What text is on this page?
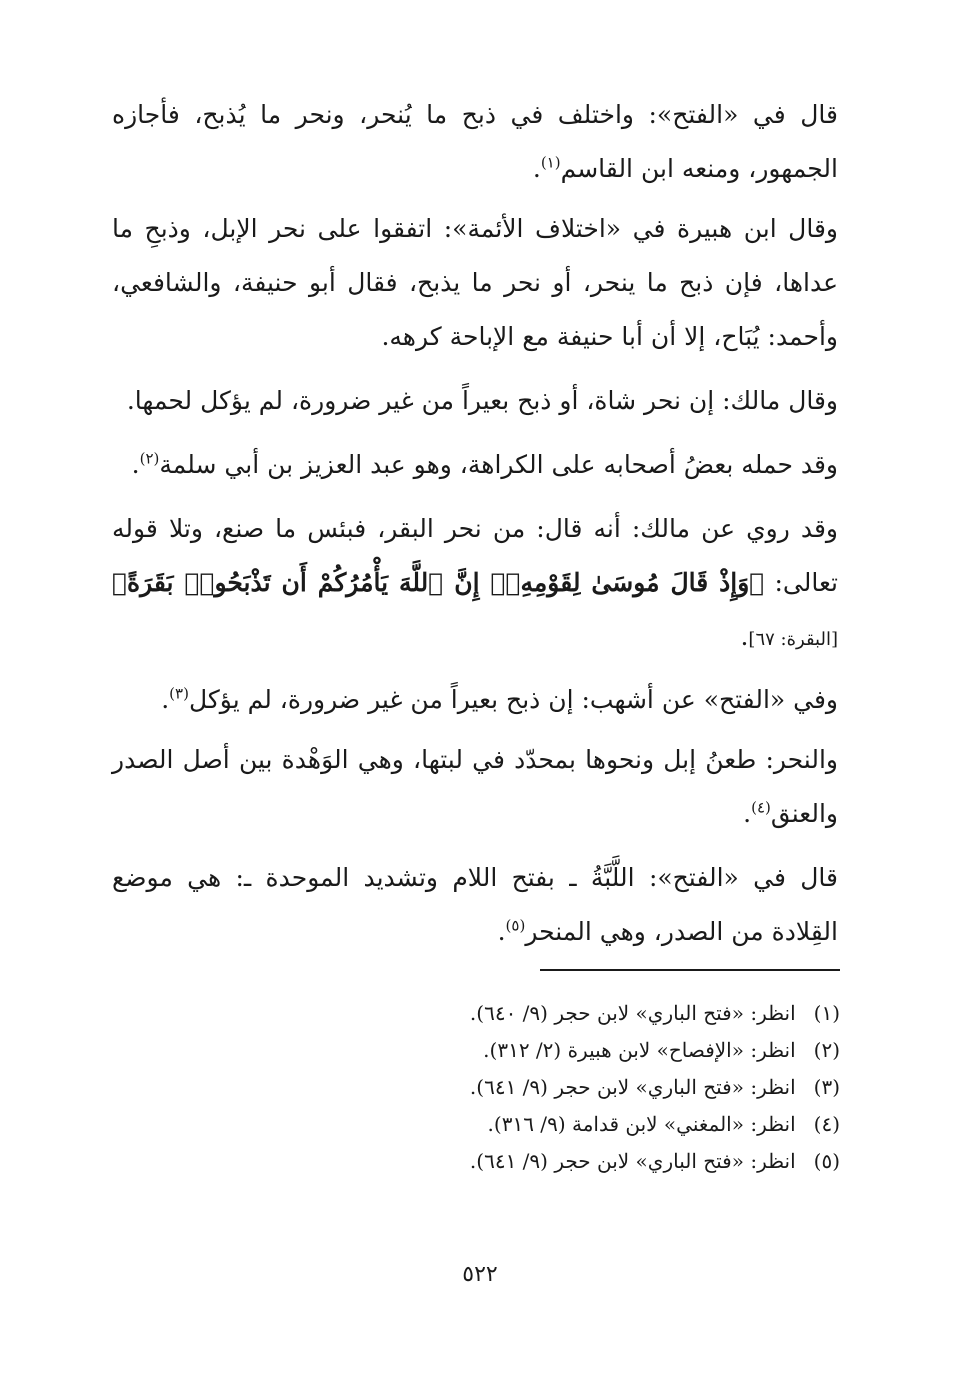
قال في «الفتح»: واختلف في ذبح ما يُنحر، ونحر ما يُذبح، فأجازه الجمهور، ومنعه ابن القاسم$^{(١)}$.

وقال ابن هبيرة في «اختلاف الأئمة»: اتفقوا على نحر الإبل، وذبحِ ما عداها، فإن ذبح ما ينحر، أو نحر ما يذبح، فقال أبو حنيفة، والشافعي، وأحمد: يُبَاح، إلا أن أبا حنيفة مع الإباحة كرهه.

وقال مالك: إن نحر شاة، أو ذبح بعيراً من غير ضرورة، لم يؤكل لحمها.

وقد حمله بعضُ أصحابه على الكراهة، وهو عبد العزيز بن أبي سلمة$^{(٢)}$.

وقد روي عن مالك: أنه قال: من نحر البقر، فبئس ما صنع، وتلا قوله تعالى: ﴿وَإِذْ قَالَ مُوسَىٰ لِقَوْمِهِۦٓ إِنَّ ٱللَّهَ يَأْمُرُكُمْ أَن تَذْبَحُوا۟ بَقَرَةً﴾[البقرة: ٦٧].

وفي «الفتح» عن أشهب: إن ذبح بعيراً من غير ضرورة، لم يؤكل$^{(٣)}$.

والنحر: طعنُ إبل ونحوها بمحدّد في لبتها، وهي الوَهْدة بين أصل الصدر والعنق$^{(٤)}$.

قال في «الفتح»: اللَّبَّةُ ـ بفتح اللام وتشديد الموحدة ـ: هي موضع القِلادة من الصدر، وهي المنحر$^{(٥)}$.

(١) انظر: «فتح الباري» لابن حجر (٩/ ٦٤٠).
(٢) انظر: «الإفصاح» لابن هبيرة (٢/ ٣١٢).
(٣) انظر: «فتح الباري» لابن حجر (٩/ ٦٤١).
(٤) انظر: «المغني» لابن قدامة (٩/ ٣١٦).
(٥) انظر: «فتح الباري» لابن حجر (٩/ ٦٤١).
٥٢٢
